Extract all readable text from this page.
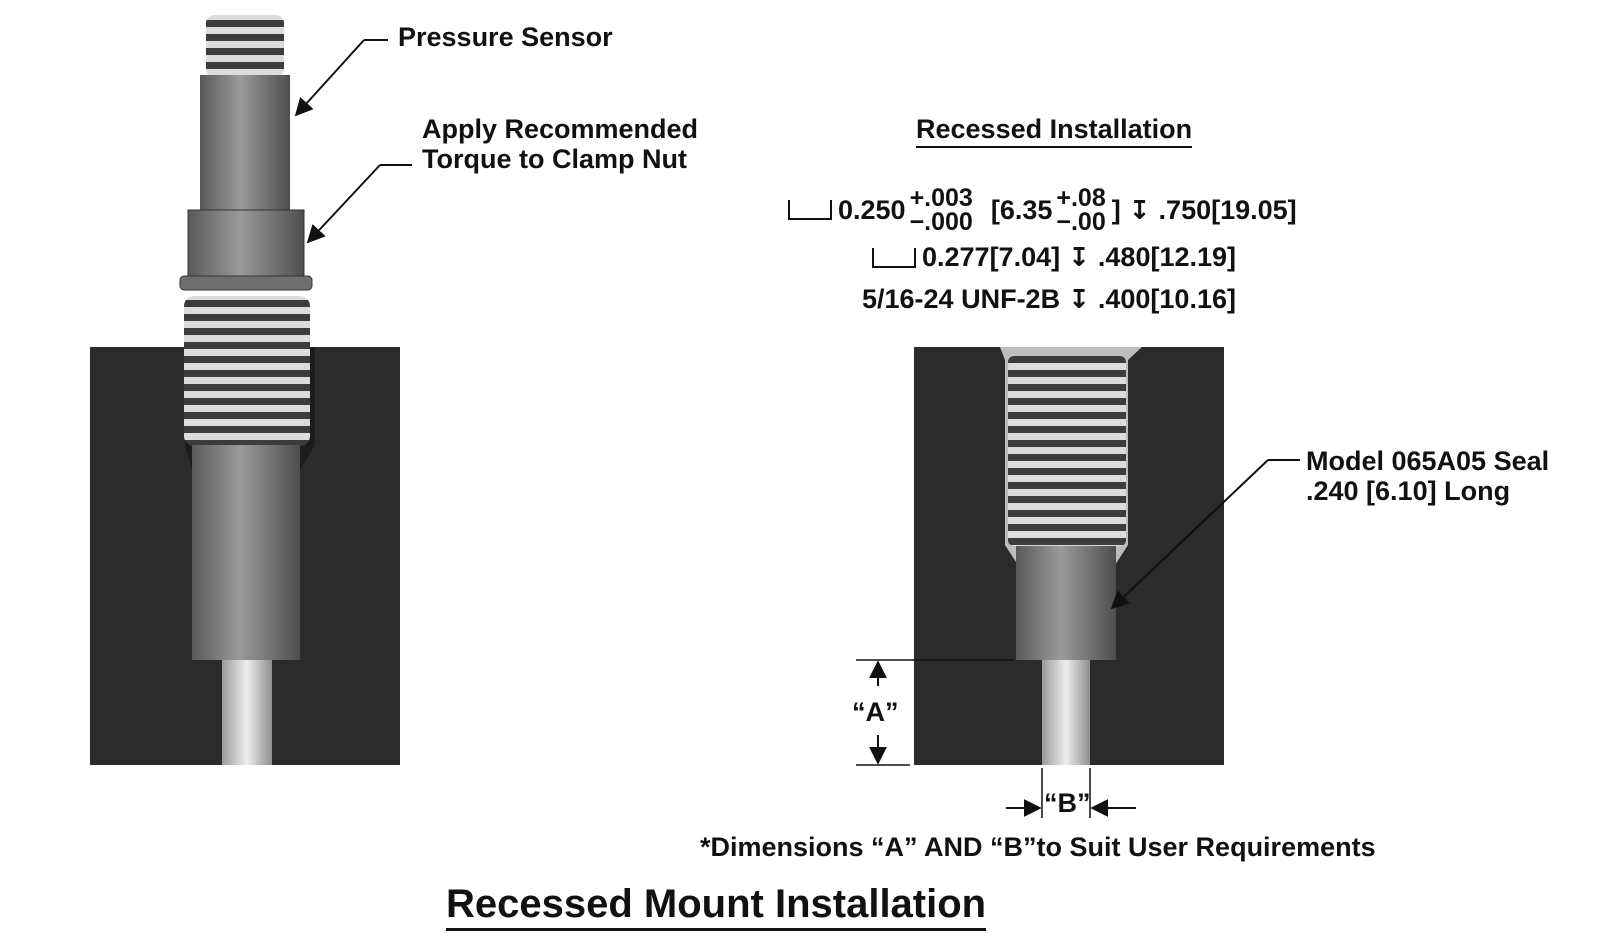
Pressure Sensor
Apply Recommended
Torque to Clamp Nut
Recessed Installation
0.250 +.003
−.000 [6.35 +.08
−.00 ] ↧ .750[19.05]
0.277[7.04] ↧ .480[12.19]
5/16-24 UNF-2B ↧ .400[10.16]
Model 065A05 Seal
.240 [6.10] Long
“A”
“B”
*Dimensions “A” AND “B”to Suit User Requirements
Recessed Mount Installation
